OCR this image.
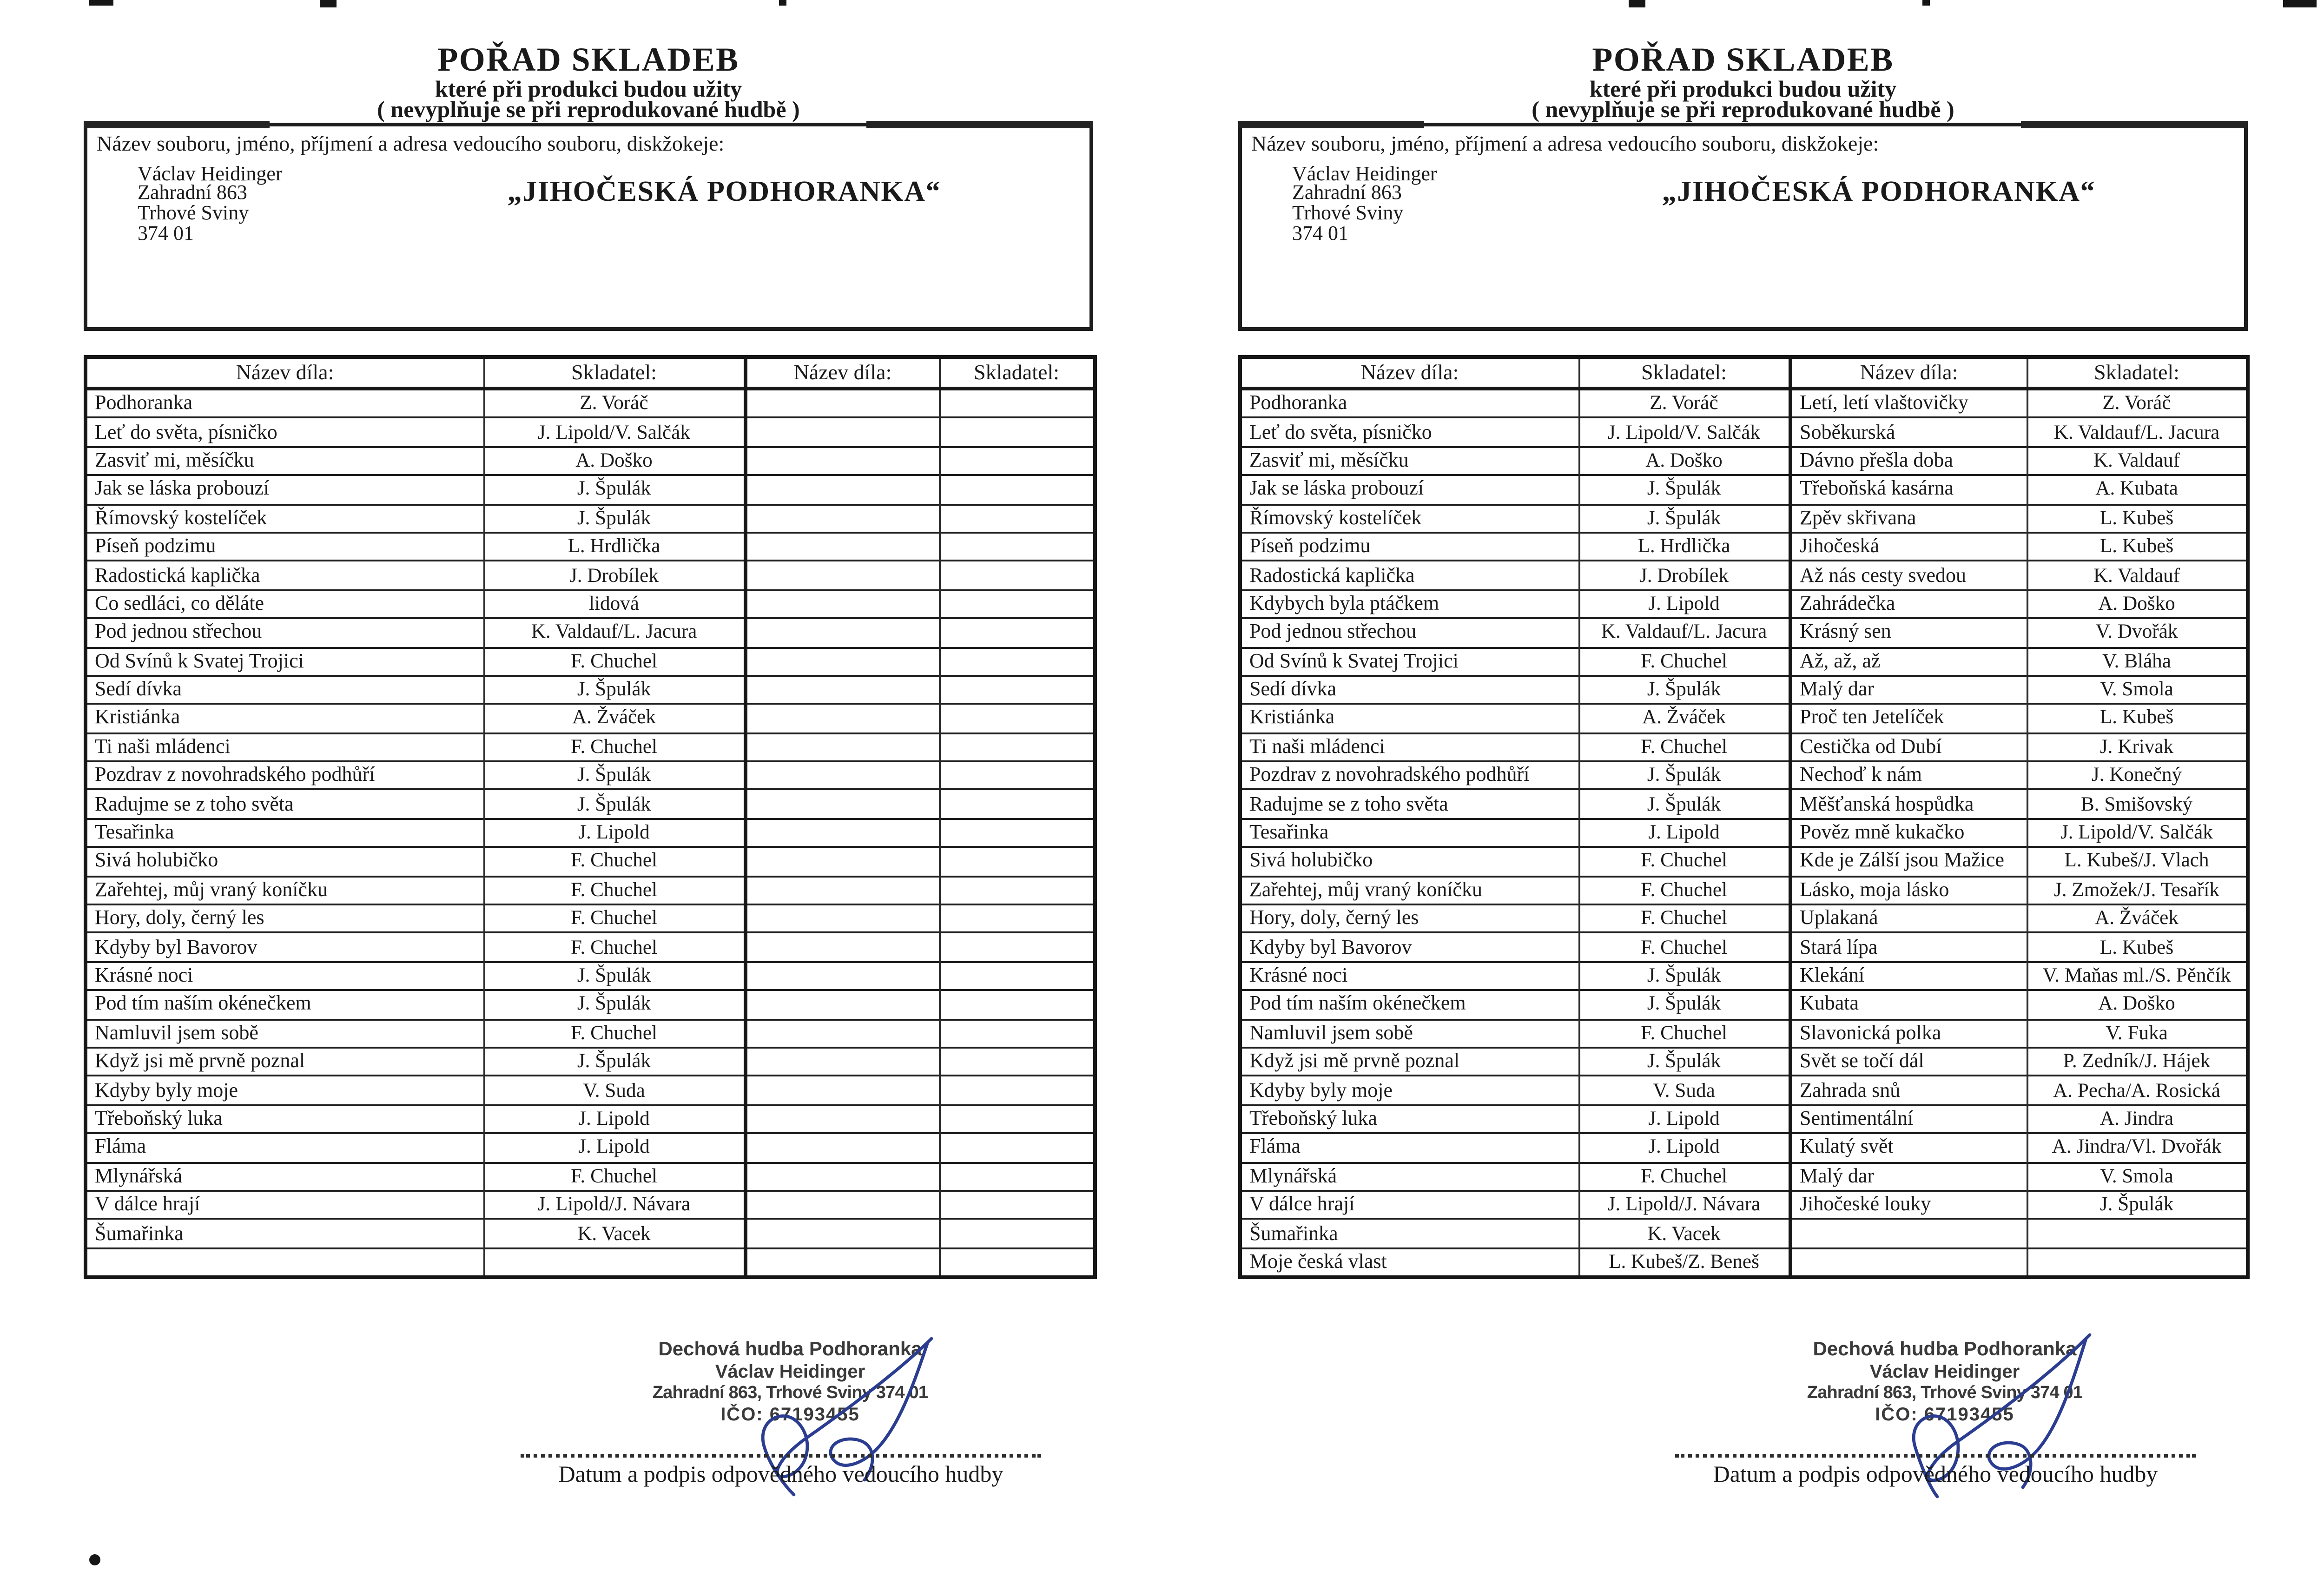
POŘAD SKLADEB
které při produkci budou užity
( nevyplňuje se při reprodukované hudbě )
Název souboru, jméno, příjmení a adresa vedoucího souboru, diskžokeje:
Václav Heidinger
Zahradní 863
Trhové Sviny
374 01
„JIHOČESKÁ PODHORANKA“
Název díla:	Skladatel:	Název díla:	Skladatel:
Podhoranka	Z. Voráč		
Leť do světa, písničko	J. Lipold/V. Salčák		
Zasviť mi, měsíčku	A. Doško		
Jak se láska probouzí	J. Špulák		
Římovský kostelíček	J. Špulák		
Píseň podzimu	L. Hrdlička		
Radostická kaplička	J. Drobílek		
Co sedláci, co děláte	lidová		
Pod jednou střechou	K. Valdauf/L. Jacura		
Od Svínů k Svatej Trojici	F. Chuchel		
Sedí dívka	J. Špulák		
Kristiánka	A. Žváček		
Ti naši mládenci	F. Chuchel		
Pozdrav z novohradského podhůří	J. Špulák		
Radujme se z toho světa	J. Špulák		
Tesařinka	J. Lipold		
Sivá holubičko	F. Chuchel		
Zařehtej, můj vraný koníčku	F. Chuchel		
Hory, doly, černý les	F. Chuchel		
Kdyby byl Bavorov	F. Chuchel		
Krásné noci	J. Špulák		
Pod tím naším okénečkem	J. Špulák		
Namluvil jsem sobě	F. Chuchel		
Když jsi mě prvně poznal	J. Špulák		
Kdyby byly moje	V. Suda		
Třeboňský luka	J. Lipold		
Fláma	J. Lipold		
Mlynářská	F. Chuchel		
V dálce hrají	J. Lipold/J. Návara		
Šumařinka	K. Vacek		

Dechová hudba Podhoranka
Václav Heidinger
Zahradní 863, Trhové Sviny 374 01
IČO: 67193455
Datum a podpis odpovědného vedoucího hudby
POŘAD SKLADEB
které při produkci budou užity
( nevyplňuje se při reprodukované hudbě )
Název souboru, jméno, příjmení a adresa vedoucího souboru, diskžokeje:
Václav Heidinger
Zahradní 863
Trhové Sviny
374 01
„JIHOČESKÁ PODHORANKA“
Název díla:	Skladatel:	Název díla:	Skladatel:
Podhoranka	Z. Voráč	Letí, letí vlaštovičky	Z. Voráč
Leť do světa, písničko	J. Lipold/V. Salčák	Soběkurská	K. Valdauf/L. Jacura
Zasviť mi, měsíčku	A. Doško	Dávno přešla doba	K. Valdauf
Jak se láska probouzí	J. Špulák	Třeboňská kasárna	A. Kubata
Římovský kostelíček	J. Špulák	Zpěv skřivana	L. Kubeš
Píseň podzimu	L. Hrdlička	Jihočeská	L. Kubeš
Radostická kaplička	J. Drobílek	Až nás cesty svedou	K. Valdauf
Kdybych byla ptáčkem	J. Lipold	Zahrádečka	A. Doško
Pod jednou střechou	K. Valdauf/L. Jacura	Krásný sen	V. Dvořák
Od Svínů k Svatej Trojici	F. Chuchel	Až, až, až	V. Bláha
Sedí dívka	J. Špulák	Malý dar	V. Smola
Kristiánka	A. Žváček	Proč ten Jetelíček	L. Kubeš
Ti naši mládenci	F. Chuchel	Cestička od Dubí	J. Krivak
Pozdrav z novohradského podhůří	J. Špulák	Nechoď k nám	J. Konečný
Radujme se z toho světa	J. Špulák	Měšťanská hospůdka	B. Smišovský
Tesařinka	J. Lipold	Pověz mně kukačko	J. Lipold/V. Salčák
Sivá holubičko	F. Chuchel	Kde je Zálší jsou Mažice	L. Kubeš/J. Vlach
Zařehtej, můj vraný koníčku	F. Chuchel	Lásko, moja lásko	J. Zmožek/J. Tesařík
Hory, doly, černý les	F. Chuchel	Uplakaná	A. Žváček
Kdyby byl Bavorov	F. Chuchel	Stará lípa	L. Kubeš
Krásné noci	J. Špulák	Klekání	V. Maňas ml./S. Pěnčík
Pod tím naším okénečkem	J. Špulák	Kubata	A. Doško
Namluvil jsem sobě	F. Chuchel	Slavonická polka	V. Fuka
Když jsi mě prvně poznal	J. Špulák	Svět se točí dál	P. Zedník/J. Hájek
Kdyby byly moje	V. Suda	Zahrada snů	A. Pecha/A. Rosická
Třeboňský luka	J. Lipold	Sentimentální	A. Jindra
Fláma	J. Lipold	Kulatý svět	A. Jindra/Vl. Dvořák
Mlynářská	F. Chuchel	Malý dar	V. Smola
V dálce hrají	J. Lipold/J. Návara	Jihočeské louky	J. Špulák
Šumařinka	K. Vacek		
Moje česká vlast	L. Kubeš/Z. Beneš		
Dechová hudba Podhoranka
Václav Heidinger
Zahradní 863, Trhové Sviny 374 01
IČO: 67193455
Datum a podpis odpovědného vedoucího hudby
